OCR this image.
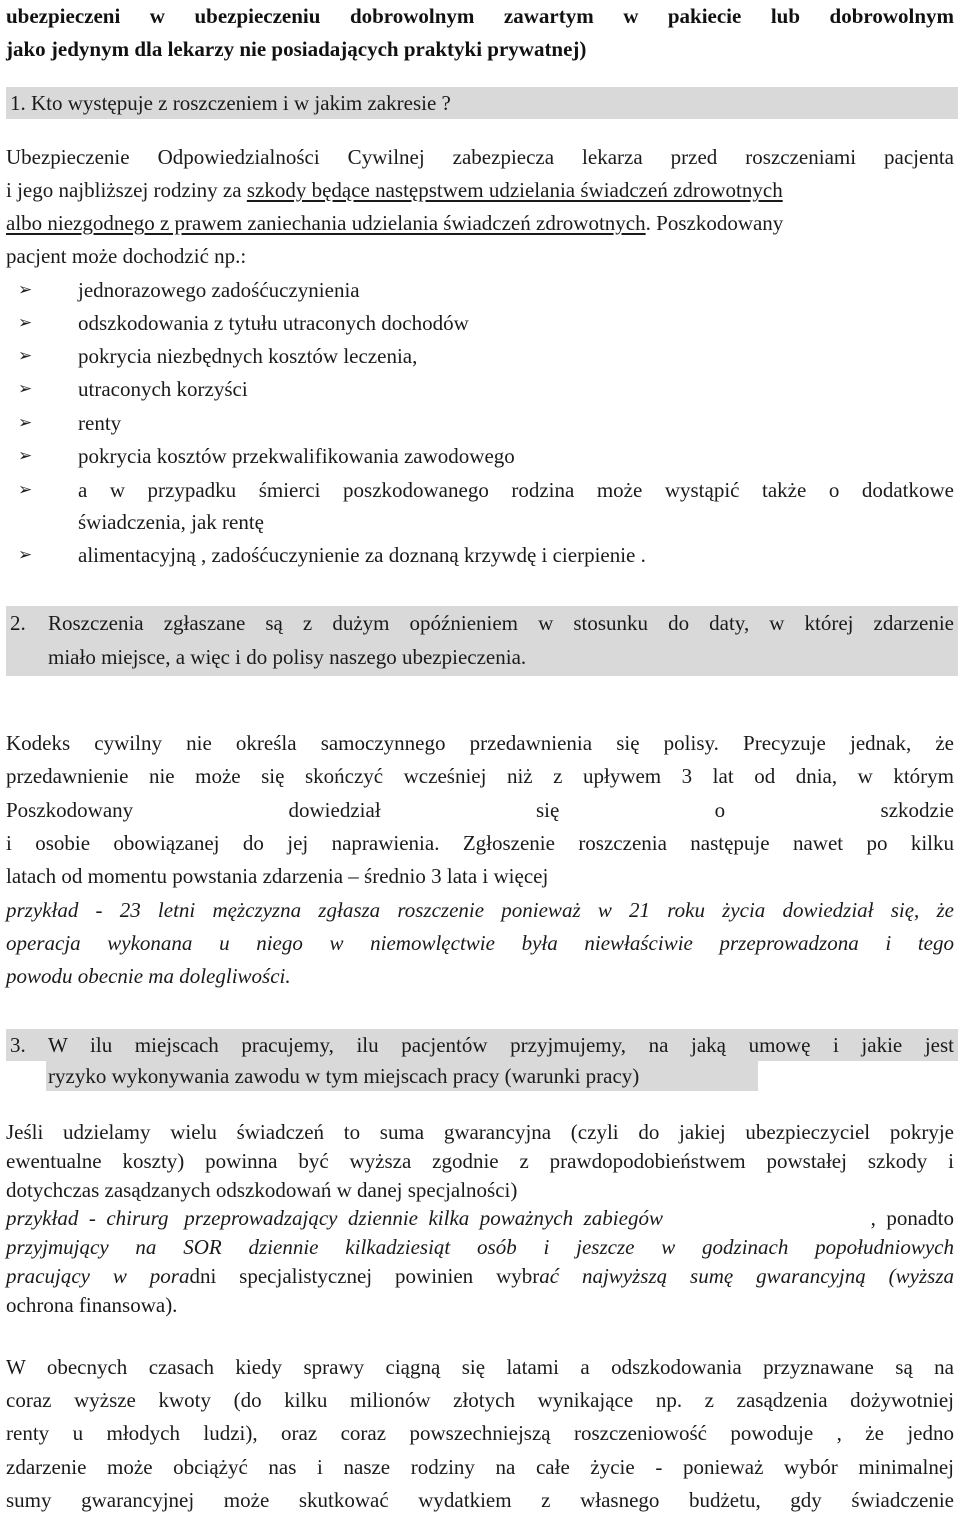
ubezpieczeni w ubezpieczeniu dobrowolnym zawartym w pakiecie lub dobrowolnym
jako jedynym dla lekarzy nie posiadających praktyki prywatnej)
1. Kto występuje z roszczeniem i w jakim zakresie ?
Ubezpieczenie Odpowiedzialności Cywilnej zabezpiecza lekarza przed roszczeniami pacjenta
i jego najbliższej rodziny za szkody będące następstwem udzielania świadczeń zdrowotnych
albo niezgodnego z prawem zaniechania udzielania świadczeń zdrowotnych. Poszkodowany
pacjent może dochodzić np.:
➢ jednorazowego zadośćuczynienia
➢ odszkodowania z tytułu utraconych dochodów
➢ pokrycia niezbędnych kosztów leczenia,
➢ utraconych korzyści
➢ renty
➢ pokrycia kosztów przekwalifikowania zawodowego
➢ a w przypadku śmierci poszkodowanego rodzina może wystąpić także o dodatkowe
świadczenia, jak rentę
➢ alimentacyjną , zadośćuczynienie za doznaną krzywdę i cierpienie .
2. Roszczenia zgłaszane są z dużym opóźnieniem w stosunku do daty, w której zdarzenie
miało miejsce, a więc i do polisy naszego ubezpieczenia.
Kodeks cywilny nie określa samoczynnego przedawnienia się polisy. Precyzuje jednak, że
przedawnienie nie może się skończyć wcześniej niż z upływem 3 lat od dnia, w którym
Poszkodowany	dowiedział	się	o	szkodzie
i osobie obowiązanej do jej naprawienia. Zgłoszenie roszczenia następuje nawet po kilku
latach od momentu powstania zdarzenia – średnio 3 lata i więcej
przykład - 23 letni mężczyzna zgłasza roszczenie ponieważ w 21 roku życia dowiedział się, że
operacja wykonana u niego w niemowlęctwie była niewłaściwie przeprowadzona i tego
powodu obecnie ma dolegliwości.
3. W ilu miejscach pracujemy, ilu pacjentów przyjmujemy, na jaką umowę i jakie jest
ryzyko wykonywania zawodu w tym miejscach pracy (warunki pracy)
Jeśli udzielamy wielu świadczeń to suma gwarancyjna (czyli do jakiej ubezpieczyciel pokryje
ewentualne koszty) powinna być wyższa zgodnie z prawdopodobieństwem powstałej szkody i
dotychczas zasądzanych odszkodowań w danej specjalności)
przykład  -  chirurg   przeprowadzający  dziennie  kilka  poważnych  zabiegów	,  ponadto
przyjmujący na SOR dziennie kilkadziesiąt osób i jeszcze w godzinach popołudniowych
pracujący w poradni specjalistycznej powinien wybrać najwyższą sumę gwarancyjną (wyższa
ochrona finansowa).
W obecnych czasach kiedy sprawy ciągną się latami a odszkodowania przyznawane są na
coraz wyższe kwoty (do kilku milionów złotych wynikające np. z zasądzenia dożywotniej
renty u młodych ludzi), oraz coraz powszechniejszą roszczeniowość powoduje , że jedno
zdarzenie może obciążyć nas i nasze rodziny na całe życie - ponieważ wybór minimalnej
sumy gwarancyjnej może skutkować wydatkiem z własnego budżetu, gdy świadczenie
